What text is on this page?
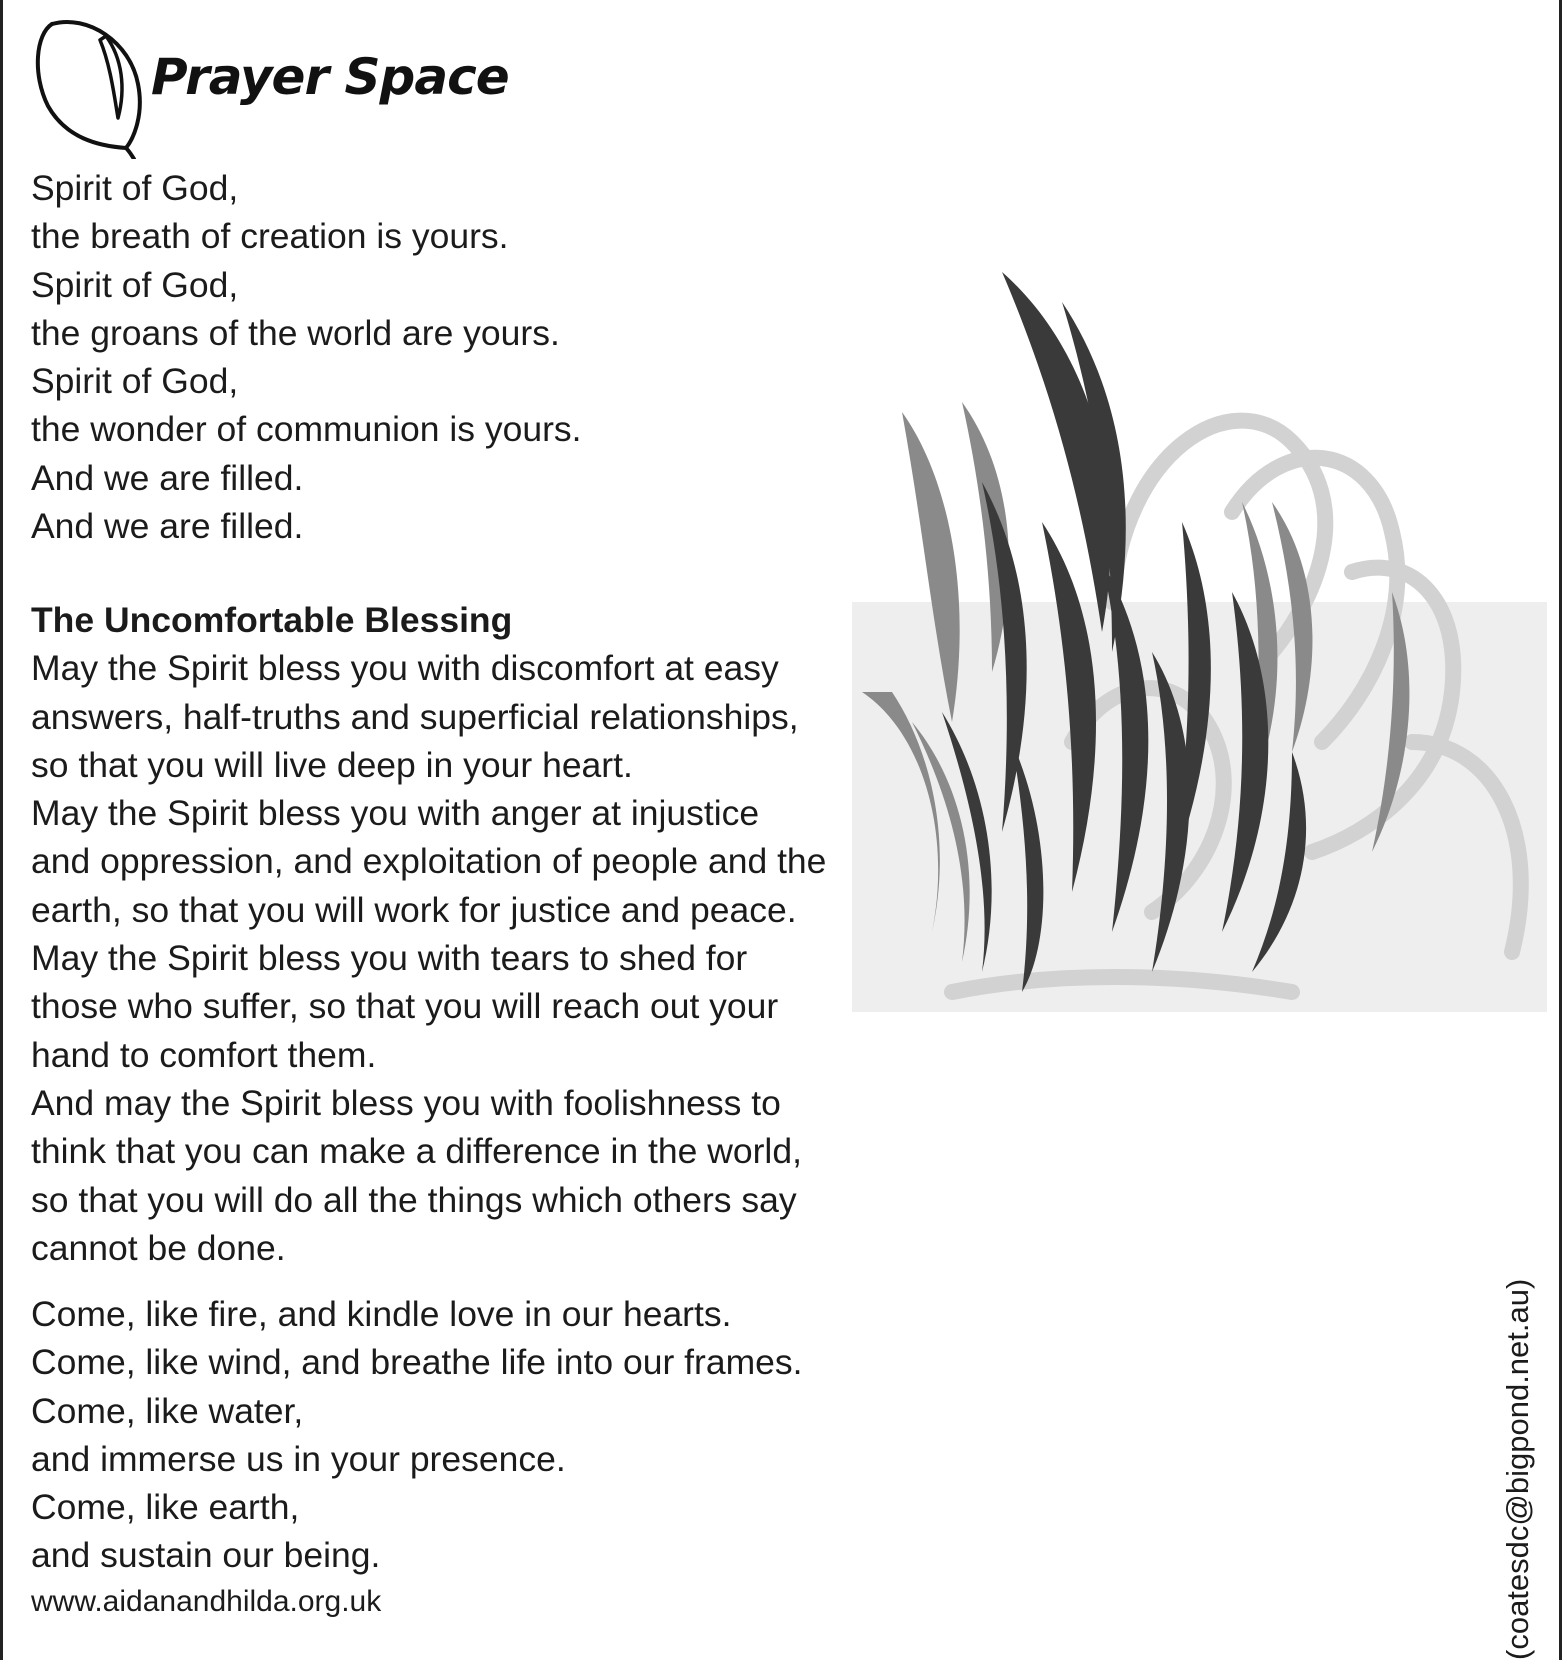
Prayer Space
Spirit of God,
the breath of creation is yours.
Spirit of God,
the groans of the world are yours.
Spirit of God,
the wonder of communion is yours.
And we are filled.
And we are filled.
The Uncomfortable Blessing
May the Spirit bless you with discomfort at easy
answers, half-truths and superficial relationships,
so that you will live deep in your heart.
May the Spirit bless you with anger at injustice
and oppression, and exploitation of people and the
earth, so that you will work for justice and peace.
May the Spirit bless you with tears to shed for
those who suffer, so that you will reach out your
hand to comfort them.
And may the Spirit bless you with foolishness to
think that you can make a difference in the world,
so that you will do all the things which others say
cannot be done.
Come, like fire, and kindle love in our hearts.
Come, like wind, and breathe life into our frames.
Come, like water,
and immerse us in your presence.
Come, like earth,
and sustain our being.
www.aidanandhilda.org.uk	(coatesdc@bigpond.net.au)
